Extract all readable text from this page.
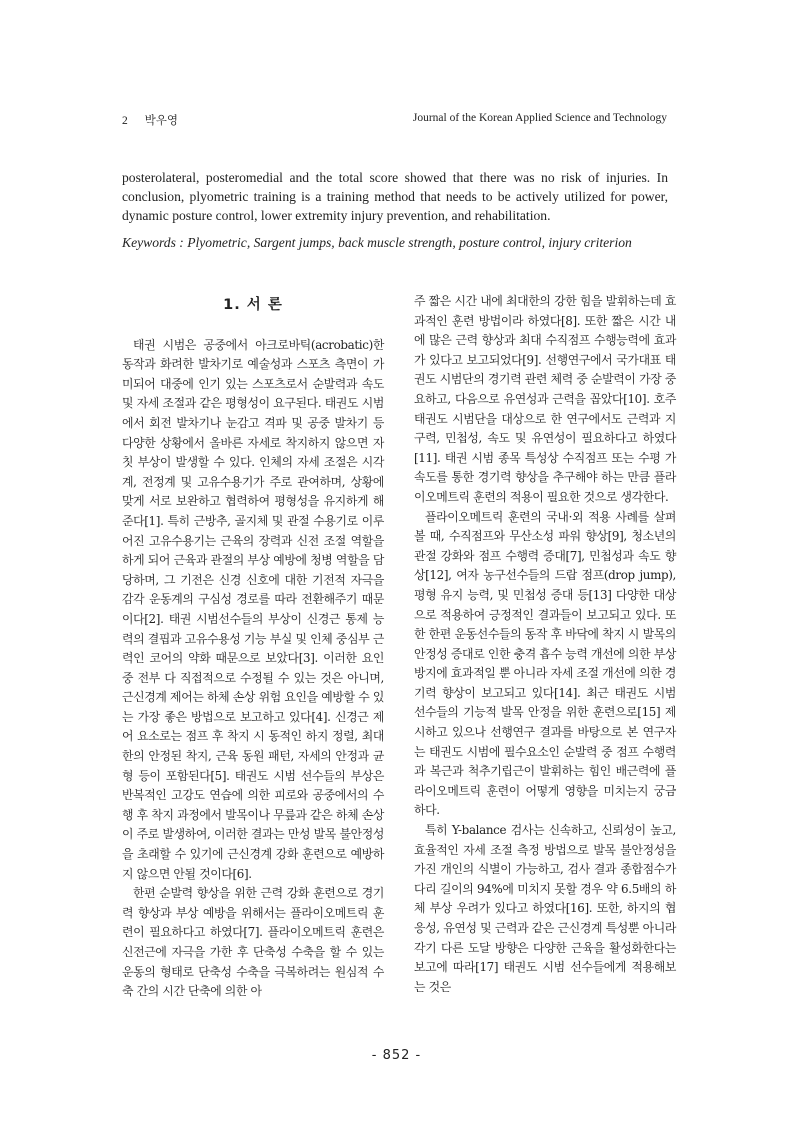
2 박우영	Journal of the Korean Applied Science and Technology
posterolateral, posteromedial and the total score showed that there was no risk of injuries. In conclusion, plyometric training is a training method that needs to be actively utilized for power, dynamic posture control, lower extremity injury prevention, and rehabilitation.
Keywords : Plyometric, Sargent jumps, back muscle strength, posture control, injury criterion
1. 서 론

태권 시범은 공중에서 아크로바틱(acrobatic)한 동작과 화려한 발차기로 예술성과 스포츠 측면이 가미되어 대중에 인기 있는 스포츠로서 순발력과 속도 및 자세 조절과 같은 평형성이 요구된다. 태권도 시범에서 회전 발차기나 눈감고 격파 및 공중 발차기 등 다양한 상황에서 올바른 자세로 착지하지 않으면 자칫 부상이 발생할 수 있다. 인체의 자세 조절은 시각계, 전정계 및 고유수용기가 주로 관여하며, 상황에 맞게 서로 보완하고 협력하여 평형성을 유지하게 해준다[1]. 특히 근방추, 골지체 및 관절 수용기로 이루어진 고유수용기는 근육의 장력과 신전 조절 역할을 하게 되어 근육과 관절의 부상 예방에 청병 역할을 담당하며, 그 기전은 신경 신호에 대한 기전적 자극을 감각 운동계의 구심성 경로를 따라 전환해주기 때문이다[2]. 태권 시범선수들의 부상이 신경근 통제 능력의 결핍과 고유수용성 기능 부실 및 인체 중심부 근력인 코어의 약화 때문으로 보았다[3]. 이러한 요인 중 전부 다 직접적으로 수정될 수 있는 것은 아니며, 근신경계 제어는 하체 손상 위험 요인을 예방할 수 있는 가장 좋은 방법으로 보고하고 있다[4]. 신경근 제어 요소로는 점프 후 착지 시 동적인 하지 정렬, 최대한의 안정된 착지, 근육 동원 패턴, 자세의 안정과 균형 등이 포함된다[5]. 태권도 시범 선수들의 부상은 반복적인 고강도 연습에 의한 피로와 공중에서의 수행 후 착지 과정에서 발목이나 무릎과 같은 하체 손상이 주로 발생하여, 이러한 결과는 만성 발목 불안정성을 초래할 수 있기에 근신경계 강화 훈련으로 예방하지 않으면 안될 것이다[6].

한편 순발력 향상을 위한 근력 강화 훈련으로 경기력 향상과 부상 예방을 위해서는 플라이오메트릭 훈련이 필요하다고 하였다[7]. 플라이오메트릭 훈련은 신전근에 자극을 가한 후 단축성 수축을 할 수 있는 운동의 형태로 단축성 수축을 극복하려는 원심적 수축 간의 시간 단축에 의한 아

주 짧은 시간 내에 최대한의 강한 힘을 발휘하는데 효과적인 훈련 방법이라 하였다[8]. 또한 짧은 시간 내에 많은 근력 향상과 최대 수직점프 수행능력에 효과가 있다고 보고되었다[9]. 선행연구에서 국가대표 태권도 시범단의 경기력 관련 체력 중 순발력이 가장 중요하고, 다음으로 유연성과 근력을 꼽았다[10]. 호주 태권도 시범단을 대상으로 한 연구에서도 근력과 지구력, 민첩성, 속도 및 유연성이 필요하다고 하였다[11]. 태권 시범 종목 특성상 수직점프 또는 수평 가속도를 통한 경기력 향상을 추구해야 하는 만큼 플라이오메트릭 훈련의 적용이 필요한 것으로 생각한다.

플라이오메트릭 훈련의 국내·외 적용 사례를 살펴볼 때, 수직점프와 무산소성 파워 향상[9], 청소년의 관절 강화와 점프 수행력 증대[7], 민첩성과 속도 향상[12], 여자 농구선수들의 드랍 점프(drop jump), 평형 유지 능력, 및 민첩성 증대 등[13] 다양한 대상으로 적용하여 긍정적인 결과들이 보고되고 있다. 또한 한편 운동선수들의 동작 후 바닥에 착지 시 발목의 안정성 증대로 인한 충격 흡수 능력 개선에 의한 부상 방지에 효과적일 뿐 아니라 자세 조절 개선에 의한 경기력 향상이 보고되고 있다[14]. 최근 태권도 시범 선수들의 기능적 발목 안정을 위한 훈련으로[15] 제시하고 있으나 선행연구 결과를 바탕으로 본 연구자는 태권도 시범에 필수요소인 순발력 중 점프 수행력과 복근과 척추기립근이 발휘하는 힘인 배근력에 플라이오메트릭 훈련이 어떻게 영향을 미치는지 궁금하다.

특히 Y-balance 검사는 신속하고, 신뢰성이 높고, 효율적인 자세 조절 측정 방법으로 발목 불안정성을 가진 개인의 식별이 가능하고, 검사 결과 종합점수가 다리 길이의 94%에 미치지 못할 경우 약 6.5배의 하체 부상 우려가 있다고 하였다[16]. 또한, 하지의 협응성, 유연성 및 근력과 같은 근신경계 특성뿐 아니라 각기 다른 도달 방향은 다양한 근육을 활성화한다는 보고에 따라[17] 태권도 시범 선수들에게 적용해보는 것은

- 852 -
